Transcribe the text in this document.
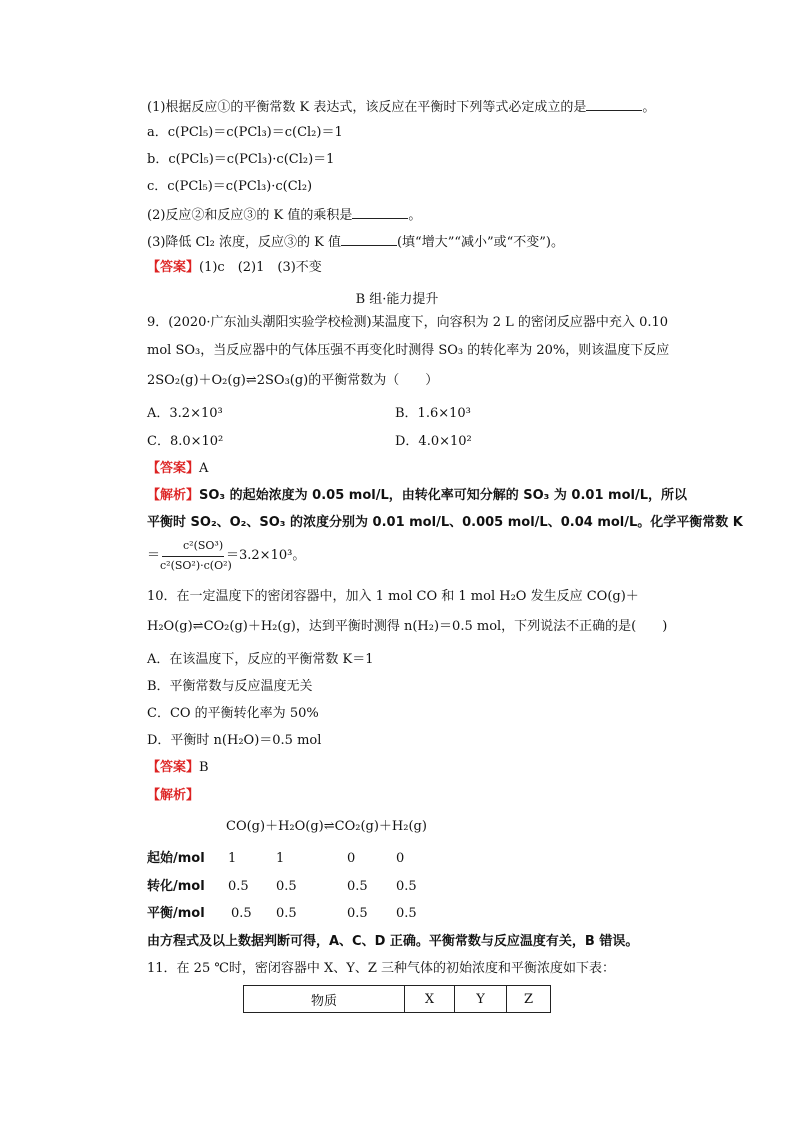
(1)根据反应①的平衡常数 K 表达式，该反应在平衡时下列等式必定成立的是	。
a．c(PCl₅)＝c(PCl₃)＝c(Cl₂)＝1
b．c(PCl₅)＝c(PCl₃)·c(Cl₂)＝1
c．c(PCl₅)＝c(PCl₃)·c(Cl₂)
(2)反应②和反应③的 K 值的乘积是	。
(3)降低 Cl₂ 浓度，反应③的 K 值	(填“增大”“减小”或“不变”)。
【答案】(1)c　(2)1　(3)不变
B 组·能力提升
9．(2020·广东汕头潮阳实验学校检测)某温度下，向容积为 2 L 的密闭反应器中充入 0.10
mol SO₃，当反应器中的气体压强不再变化时测得 SO₃ 的转化率为 20%，则该温度下反应
2SO₂(g)＋O₂(g)⇌2SO₃(g)的平衡常数为（　　）
A．3.2×10³	B．1.6×10³
C．8.0×10²	D．4.0×10²
【答案】A
【解析】SO₃ 的起始浓度为 0.05 mol/L，由转化率可知分解的 SO₃ 为 0.01 mol/L，所以
平衡时 SO₂、O₂、SO₃ 的浓度分别为 0.01 mol/L、0.005 mol/L、0.04 mol/L。化学平衡常数 K
＝
c²(SO³)
c²(SO²)·c(O²)
＝3.2×10³。
10．在一定温度下的密闭容器中，加入 1 mol CO 和 1 mol H₂O 发生反应 CO(g)＋
H₂O(g)⇌CO₂(g)＋H₂(g)，达到平衡时测得 n(H₂)＝0.5 mol，下列说法不正确的是(　　)
A．在该温度下，反应的平衡常数 K＝1
B．平衡常数与反应温度无关
C．CO 的平衡转化率为 50%
D．平衡时 n(H₂O)＝0.5 mol
【答案】B
【解析】
CO(g)＋H₂O(g)⇌CO₂(g)＋H₂(g)
起始/mol 1	1	0	0
转化/mol 0.5 0.5	0.5 0.5
平衡/mol 0.5 0.5	0.5 0.5
由方程式及以上数据判断可得，A、C、D 正确。平衡常数与反应温度有关，B 错误。
11．在 25 ℃时，密闭容器中 X、Y、Z 三种气体的初始浓度和平衡浓度如下表：
物质	X	Y	Z
